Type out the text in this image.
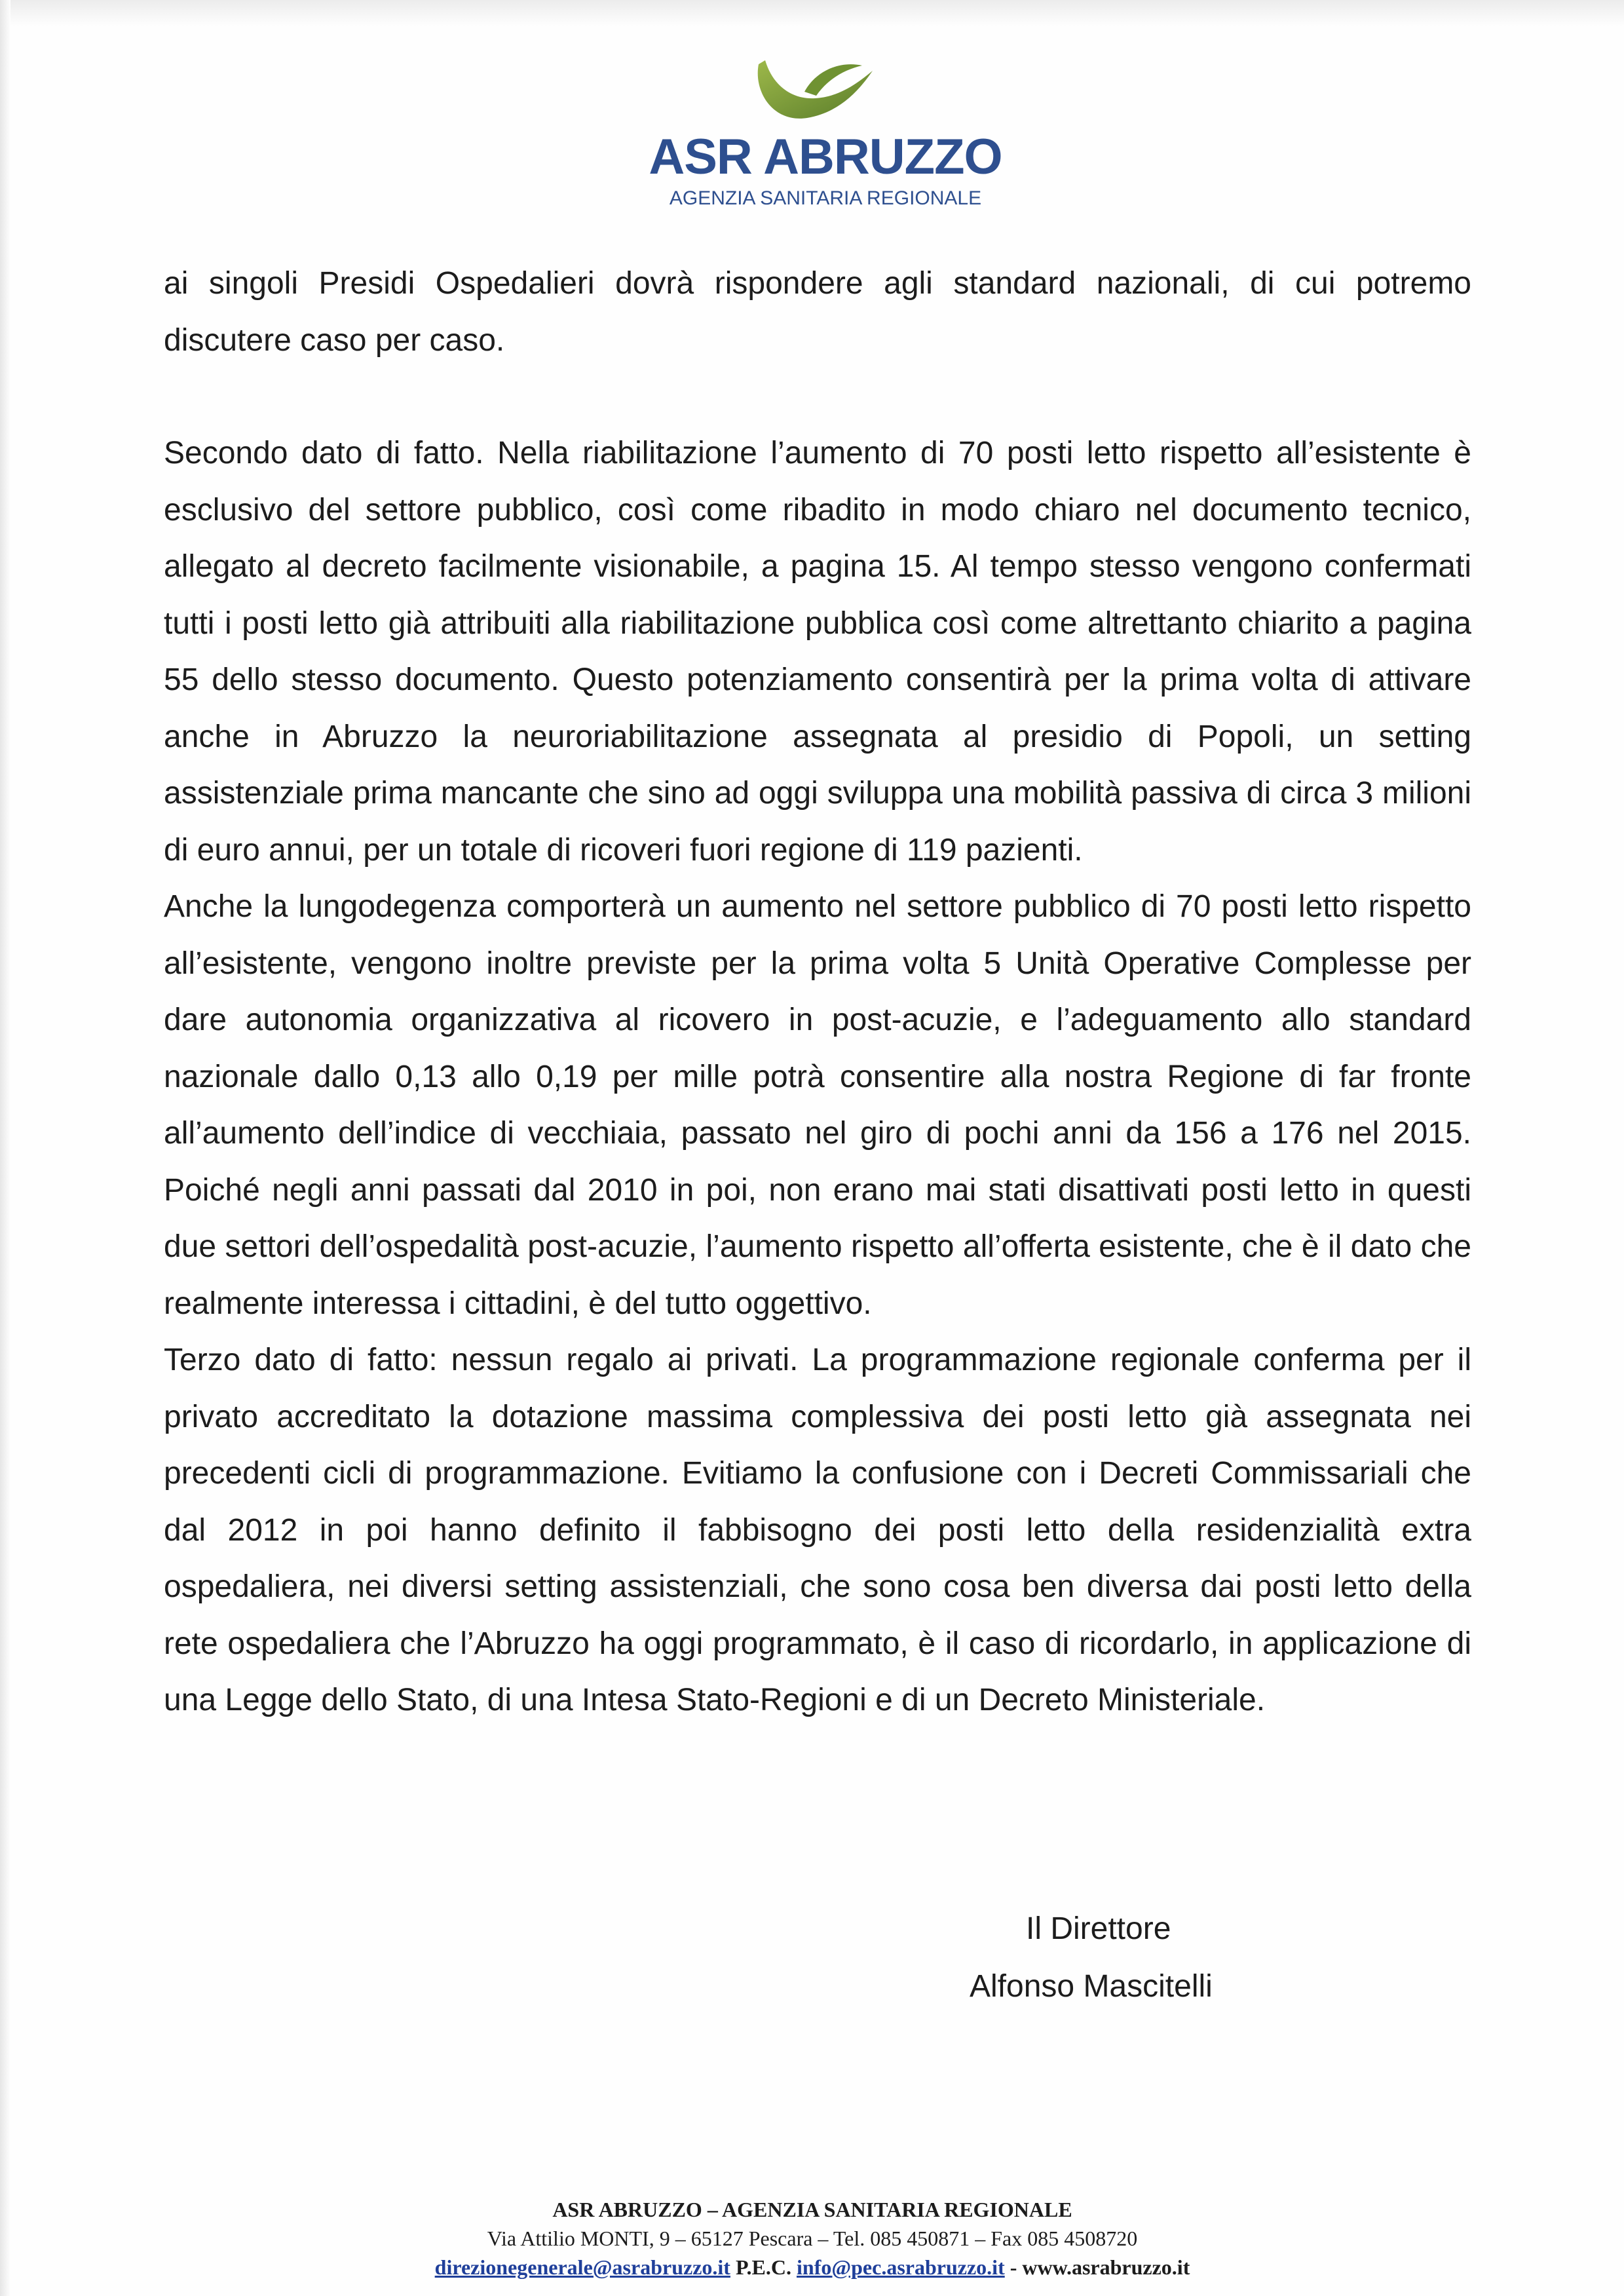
ASR ABRUZZO
AGENZIA SANITARIA REGIONALE

ai singoli Presidi Ospedalieri dovrà rispondere agli standard nazionali, di cui potremo discutere caso per caso.

Secondo dato di fatto. Nella riabilitazione l’aumento di 70 posti letto rispetto all’esistente è esclusivo del settore pubblico, così come ribadito in modo chiaro nel documento tecnico, allegato al decreto facilmente visionabile, a pagina 15. Al tempo stesso vengono confermati tutti i posti letto già attribuiti alla riabilitazione pubblica così come altrettanto chiarito a pagina 55 dello stesso documento. Questo potenziamento consentirà per la prima volta di attivare anche in Abruzzo la neuroriabilitazione assegnata al presidio di Popoli, un setting assistenziale prima mancante che sino ad oggi sviluppa una mobilità passiva di circa 3 milioni di euro annui, per un totale di ricoveri fuori regione di 119 pazienti.

Anche la lungodegenza comporterà un aumento nel settore pubblico di 70 posti letto rispetto all’esistente, vengono inoltre previste per la prima volta 5 Unità Operative Complesse per dare autonomia organizzativa al ricovero in post-acuzie, e l’adeguamento allo standard nazionale dallo 0,13 allo 0,19 per mille potrà consentire alla nostra Regione di far fronte all’aumento dell’indice di vecchiaia, passato nel giro di pochi anni da 156 a 176 nel 2015. Poiché negli anni passati dal 2010 in poi, non erano mai stati disattivati posti letto in questi due settori dell’ospedalità post-acuzie, l’aumento rispetto all’offerta esistente, che è il dato che realmente interessa i cittadini, è del tutto oggettivo.

Terzo dato di fatto: nessun regalo ai privati. La programmazione regionale conferma per il privato accreditato la dotazione massima complessiva dei posti letto già assegnata nei precedenti cicli di programmazione. Evitiamo la confusione con i Decreti Commissariali che dal 2012 in poi hanno definito il fabbisogno dei posti letto della residenzialità extra ospedaliera, nei diversi setting assistenziali, che sono cosa ben diversa dai posti letto della rete ospedaliera che l’Abruzzo ha oggi programmato, è il caso di ricordarlo, in applicazione di una Legge dello Stato, di una Intesa Stato-Regioni e di un Decreto Ministeriale.

Il Direttore
Alfonso Mascitelli
ASR ABRUZZO – AGENZIA SANITARIA REGIONALE
Via Attilio MONTI, 9 – 65127 Pescara – Tel. 085 450871 – Fax 085 4508720
direzionegenerale@asrabruzzo.it P.E.C. info@pec.asrabruzzo.it - www.asrabruzzo.it
